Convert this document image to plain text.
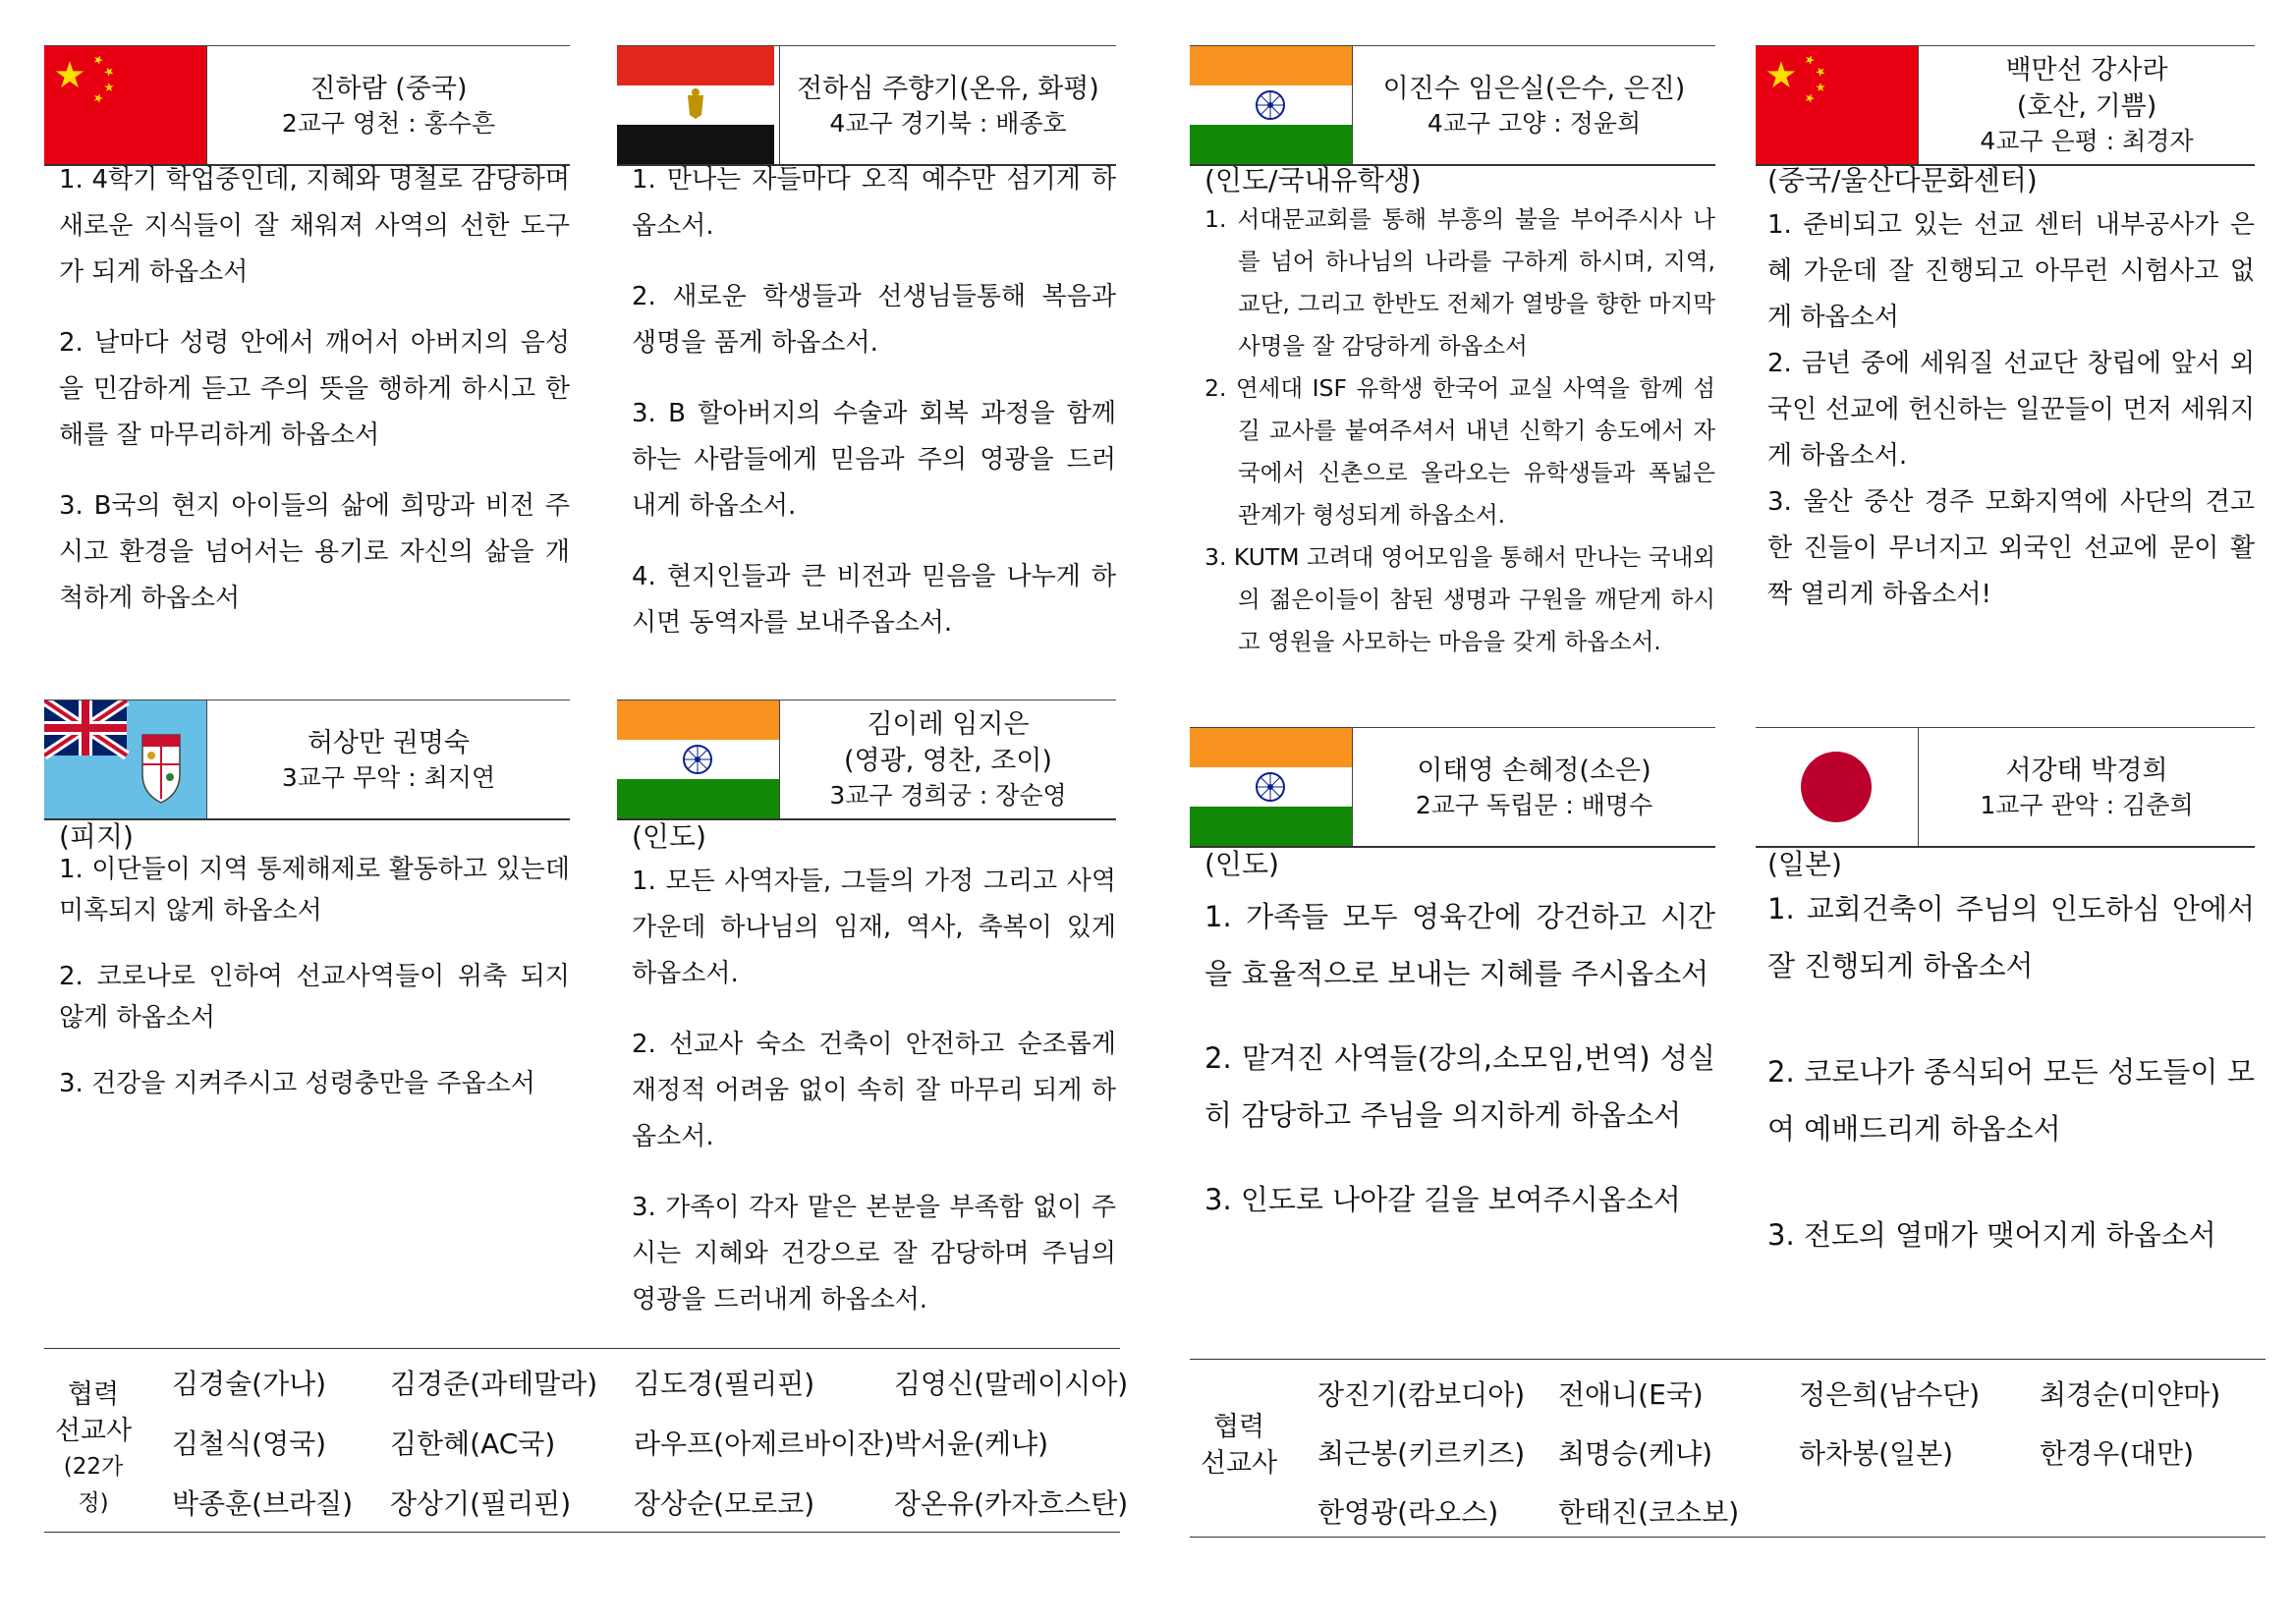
진하람 (중국)
2교구 영천 : 홍수흔

1. 4학기 학업중인데, 지혜와 명철로 감당하며 새로운 지식들이 잘 채워져 사역의 선한 도구가 되게 하옵소서

2. 날마다 성령 안에서 깨어서 아버지의 음성을 민감하게 듣고 주의 뜻을 행하게 하시고 한 해를 잘 마무리하게 하옵소서

3. B국의 현지 아이들의 삶에 희망과 비전 주시고 환경을 넘어서는 용기로 자신의 삶을 개척하게 하옵소서

전하심 주향기(온유, 화평)
4교구 경기북 : 배종호

1. 만나는 자들마다 오직 예수만 섬기게 하옵소서.

2. 새로운 학생들과 선생님들통해 복음과 생명을 품게 하옵소서.

3. B 할아버지의 수술과 회복 과정을 함께하는 사람들에게 믿음과 주의 영광을 드러내게 하옵소서.

4. 현지인들과 큰 비전과 믿음을 나누게 하시면 동역자를 보내주옵소서.

이진수 임은실(은수, 은진)
4교구 고양 : 정윤희
(인도/국내유학생)

1. 서대문교회를 통해 부흥의 불을 부어주시사 나를 넘어 하나님의 나라를 구하게 하시며, 지역, 교단, 그리고 한반도 전체가 열방을 향한 마지막 사명을 잘 감당하게 하옵소서

2. 연세대 ISF 유학생 한국어 교실 사역을 함께 섬길 교사를 붙여주셔서 내년 신학기 송도에서 자국에서 신촌으로 올라오는 유학생들과 폭넓은 관계가 형성되게 하옵소서.

3. KUTM 고려대 영어모임을 통해서 만나는 국내외의 젊은이들이 참된 생명과 구원을 깨닫게 하시고 영원을 사모하는 마음을 갖게 하옵소서.

백만선 강사라
(호산, 기쁨)
4교구 은평 : 최경자
(중국/울산다문화센터)

1. 준비되고 있는 선교 센터 내부공사가 은혜 가운데 잘 진행되고 아무런 시험사고 없게 하옵소서

2. 금년 중에 세워질 선교단 창립에 앞서 외국인 선교에 헌신하는 일꾼들이 먼저 세워지게 하옵소서.

3. 울산 중산 경주 모화지역에 사단의 견고한 진들이 무너지고 외국인 선교에 문이 활짝 열리게 하옵소서!

허상만 권명숙
3교구 무악 : 최지연
(피지)

1. 이단들이 지역 통제해제로 활동하고 있는데 미혹되지 않게 하옵소서

2. 코로나로 인하여 선교사역들이 위축 되지 않게 하옵소서

3. 건강을 지켜주시고 성령충만을 주옵소서

김이레 임지은
(영광, 영찬, 조이)
3교구 경희궁 : 장순영
(인도)

1. 모든 사역자들, 그들의 가정 그리고 사역 가운데 하나님의 임재, 역사, 축복이 있게 하옵소서.

2. 선교사 숙소 건축이 안전하고 순조롭게 재정적 어려움 없이 속히 잘 마무리 되게 하옵소서.

3. 가족이 각자 맡은 본분을 부족함 없이 주시는 지혜와 건강으로 잘 감당하며 주님의 영광을 드러내게 하옵소서.

이태영 손혜정(소은)
2교구 독립문 : 배명수
(인도)

1. 가족들 모두 영육간에 강건하고 시간을 효율적으로 보내는 지혜를 주시옵소서

2. 맡겨진 사역들(강의,소모임,번역) 성실히 감당하고 주님을 의지하게 하옵소서

3. 인도로 나아갈 길을 보여주시옵소서

서강태 박경희
1교구 관악 : 김춘희
(일본)

1. 교회건축이 주님의 인도하심 안에서 잘 진행되게 하옵소서

2. 코로나가 종식되어 모든 성도들이 모여 예배드리게 하옵소서

3. 전도의 열매가 맺어지게 하옵소서

협력
선교사
(22가정)
김경술(가나) 김경준(과테말라) 김도경(필리핀)	김영신(말레이시아)
김철식(영국) 김한혜(AC국)	라우프(아제르바이잔) 박서윤(케냐)
박종훈(브라질) 장상기(필리핀) 장상순(모로코)	장온유(카자흐스탄)
협력
선교사
장진기(캄보디아) 전애니(E국)	정은희(남수단) 최경순(미얀마)
최근봉(키르키즈) 최명승(케냐)	하차봉(일본)	한경우(대만)
한영광(라오스) 한태진(코소보)
